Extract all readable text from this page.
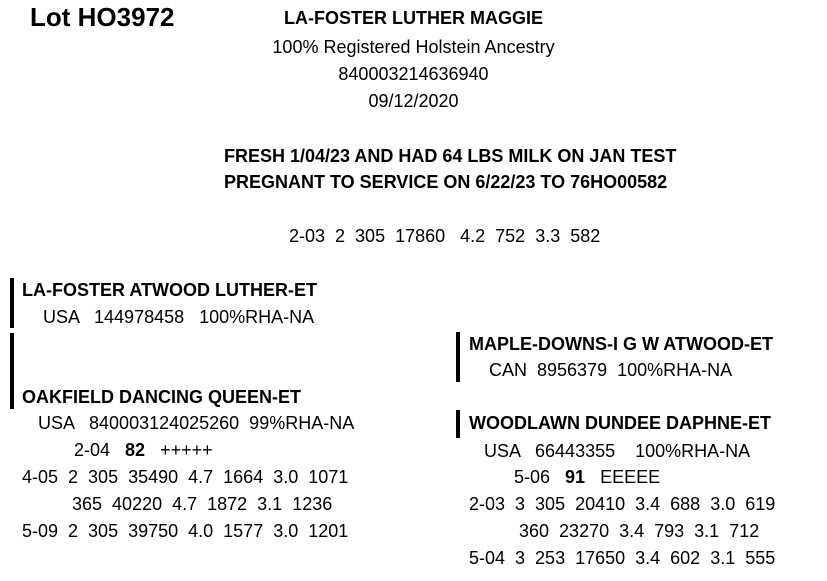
Lot HO3972	LA-FOSTER LUTHER MAGGIE
100% Registered Holstein Ancestry
840003214636940
09/12/2020
FRESH 1/04/23 AND HAD 64 LBS MILK ON JAN TEST
PREGNANT TO SERVICE ON 6/22/23 TO 76HO00582
2-03  2  305  17860   4.2  752  3.3  582
LA-FOSTER ATWOOD LUTHER-ET
USA   144978458   100%RHA-NA
OAKFIELD DANCING QUEEN-ET
USA   840003124025260  99%RHA-NA
2-04 82 +++++
4-05  2  305  35490  4.7  1664  3.0  1071
365  40220  4.7  1872  3.1  1236
5-09  2  305  39750  4.0  1577  3.0  1201
MAPLE-DOWNS-I G W ATWOOD-ET
CAN  8956379  100%RHA-NA
WOODLAWN DUNDEE DAPHNE-ET
USA   66443355    100%RHA-NA
5-06 91 EEEEE
2-03  3  305  20410  3.4  688  3.0  619
360  23270  3.4  793  3.1  712
5-04  3  253  17650  3.4  602  3.1  555
